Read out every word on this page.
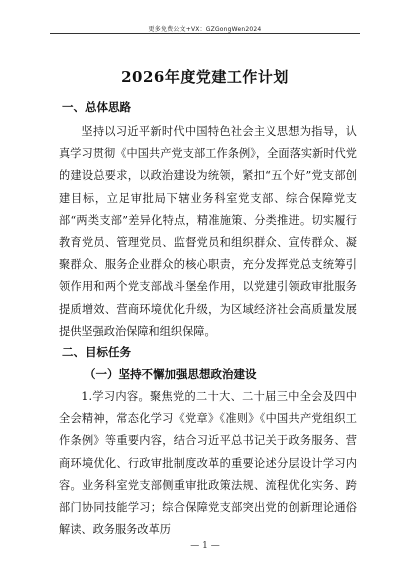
更多免费公文+VX：GZGongWen2024
2026年度党建工作计划
一、总体思路
坚持以习近平新时代中国特色社会主义思想为指导，认真学习贯彻《中国共产党支部工作条例》，全面落实新时代党的建设总要求，以政治建设为统领，紧扣“五个好”党支部创建目标，立足审批局下辖业务科室党支部、综合保障党支部“两类支部”差异化特点，精准施策、分类推进。切实履行教育党员、管理党员、监督党员和组织群众、宣传群众、凝聚群众、服务企业群众的核心职责，充分发挥党总支统筹引领作用和两个党支部战斗堡垒作用，以党建引领政审批服务提质增效、营商环境优化升级，为区域经济社会高质量发展提供坚强政治保障和组织保障。
二、目标任务
（一）坚持不懈加强思想政治建设
1.学习内容。聚焦党的二十大、二十届三中全会及四中全会精神，常态化学习《党章》《准则》《中国共产党组织工作条例》等重要内容，结合习近平总书记关于政务服务、营商环境优化、行政审批制度改革的重要论述分层设计学习内容。业务科室党支部侧重审批政策法规、流程优化实务、跨部门协同技能学习；综合保障党支部突出党的创新理论通俗解读、政务服务改革历
— 1 —
